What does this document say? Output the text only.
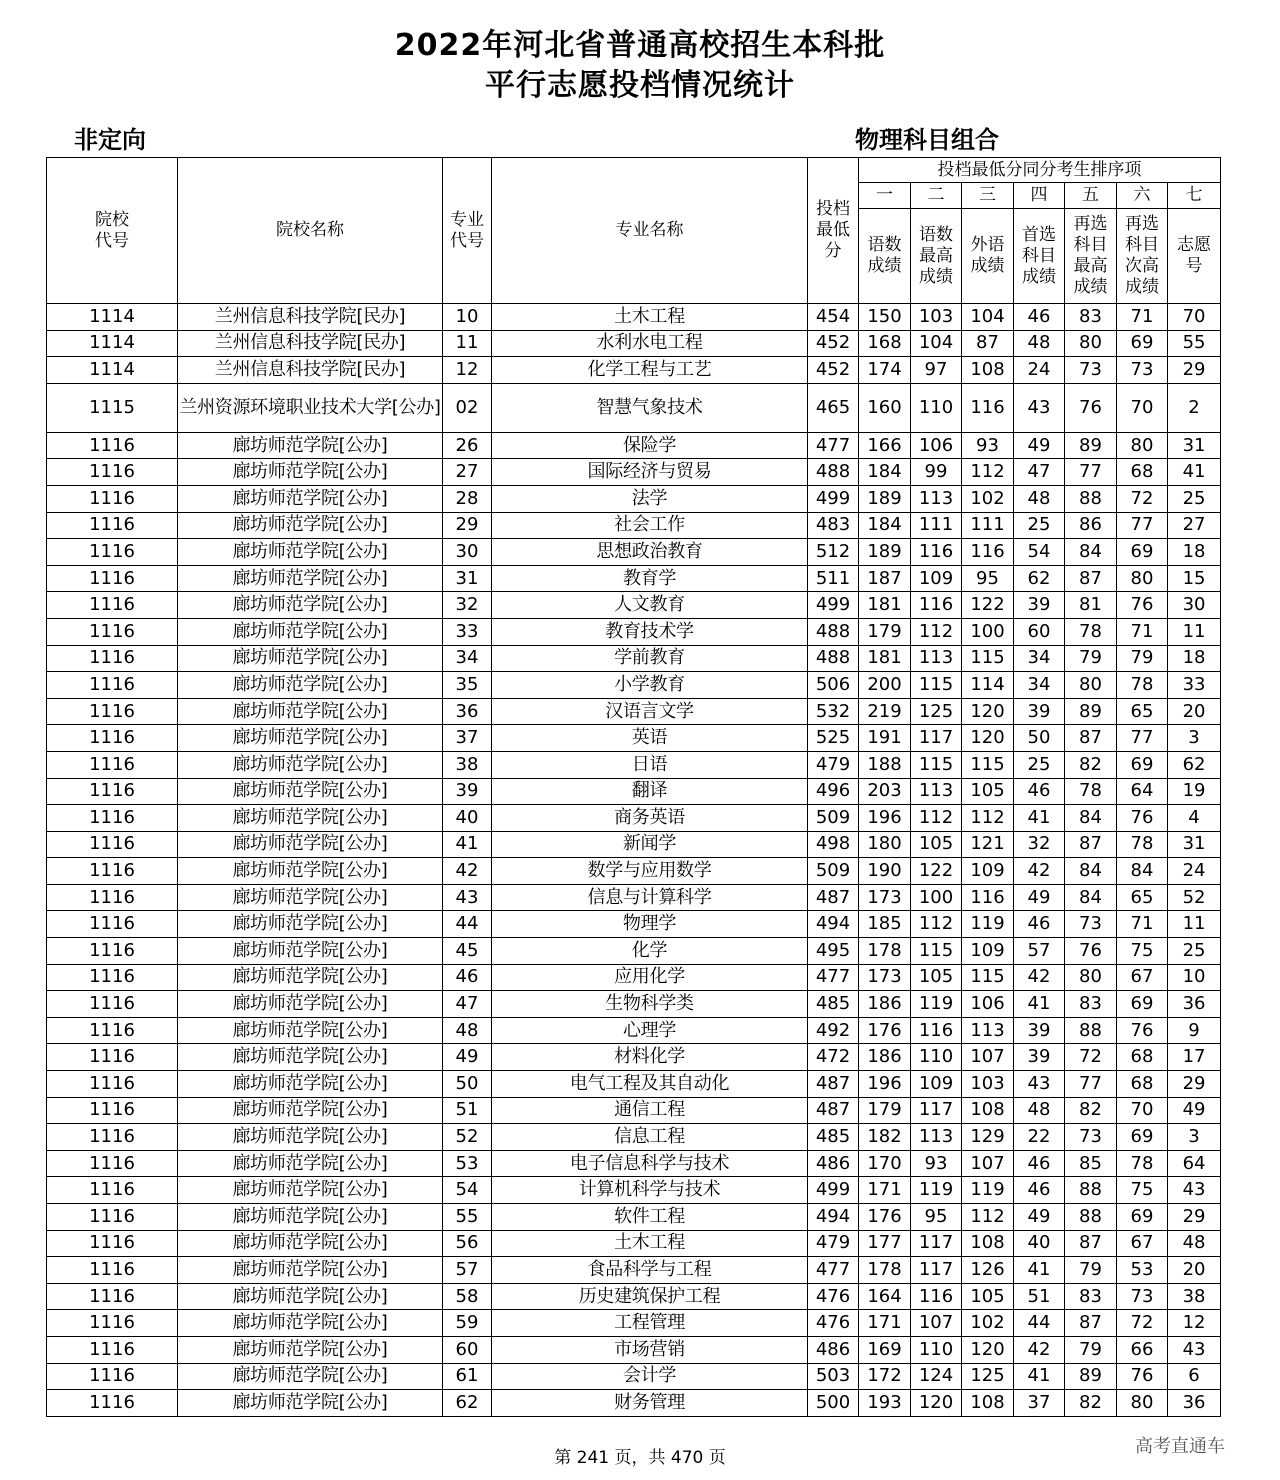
2022年河北省普通高校招生本科批
平行志愿投档情况统计
非定向	物理科目组合
院校代号	院校名称	专业代号	专业名称	投档最低分	投档最低分同分考生排序项						
					一	二	三	四	五	六	七

					语数成绩	语数最高成绩	外语成绩	首选科目成绩	再选科目最高成绩	再选科目次高成绩	志愿号

1114	兰州信息科技学院[民办]	10	土木工程	454	150	103	104	46	83	71	70
1114	兰州信息科技学院[民办]	11	水利水电工程	452	168	104	87	48	80	69	55
1114	兰州信息科技学院[民办]	12	化学工程与工艺	452	174	97	108	24	73	73	29
1115	兰州资源环境职业技术大学[公办]	02	智慧气象技术	465	160	110	116	43	76	70	2
1116	廊坊师范学院[公办]	26	保险学	477	166	106	93	49	89	80	31
1116	廊坊师范学院[公办]	27	国际经济与贸易	488	184	99	112	47	77	68	41
1116	廊坊师范学院[公办]	28	法学	499	189	113	102	48	88	72	25
1116	廊坊师范学院[公办]	29	社会工作	483	184	111	111	25	86	77	27
1116	廊坊师范学院[公办]	30	思想政治教育	512	189	116	116	54	84	69	18
1116	廊坊师范学院[公办]	31	教育学	511	187	109	95	62	87	80	15
1116	廊坊师范学院[公办]	32	人文教育	499	181	116	122	39	81	76	30
1116	廊坊师范学院[公办]	33	教育技术学	488	179	112	100	60	78	71	11
1116	廊坊师范学院[公办]	34	学前教育	488	181	113	115	34	79	79	18
1116	廊坊师范学院[公办]	35	小学教育	506	200	115	114	34	80	78	33
1116	廊坊师范学院[公办]	36	汉语言文学	532	219	125	120	39	89	65	20
1116	廊坊师范学院[公办]	37	英语	525	191	117	120	50	87	77	3
1116	廊坊师范学院[公办]	38	日语	479	188	115	115	25	82	69	62
1116	廊坊师范学院[公办]	39	翻译	496	203	113	105	46	78	64	19
1116	廊坊师范学院[公办]	40	商务英语	509	196	112	112	41	84	76	4
1116	廊坊师范学院[公办]	41	新闻学	498	180	105	121	32	87	78	31
1116	廊坊师范学院[公办]	42	数学与应用数学	509	190	122	109	42	84	84	24
1116	廊坊师范学院[公办]	43	信息与计算科学	487	173	100	116	49	84	65	52
1116	廊坊师范学院[公办]	44	物理学	494	185	112	119	46	73	71	11
1116	廊坊师范学院[公办]	45	化学	495	178	115	109	57	76	75	25
1116	廊坊师范学院[公办]	46	应用化学	477	173	105	115	42	80	67	10
1116	廊坊师范学院[公办]	47	生物科学类	485	186	119	106	41	83	69	36
1116	廊坊师范学院[公办]	48	心理学	492	176	116	113	39	88	76	9
1116	廊坊师范学院[公办]	49	材料化学	472	186	110	107	39	72	68	17
1116	廊坊师范学院[公办]	50	电气工程及其自动化	487	196	109	103	43	77	68	29
1116	廊坊师范学院[公办]	51	通信工程	487	179	117	108	48	82	70	49
1116	廊坊师范学院[公办]	52	信息工程	485	182	113	129	22	73	69	3
1116	廊坊师范学院[公办]	53	电子信息科学与技术	486	170	93	107	46	85	78	64
1116	廊坊师范学院[公办]	54	计算机科学与技术	499	171	119	119	46	88	75	43
1116	廊坊师范学院[公办]	55	软件工程	494	176	95	112	49	88	69	29
1116	廊坊师范学院[公办]	56	土木工程	479	177	117	108	40	87	67	48
1116	廊坊师范学院[公办]	57	食品科学与工程	477	178	117	126	41	79	53	20
1116	廊坊师范学院[公办]	58	历史建筑保护工程	476	164	116	105	51	83	73	38
1116	廊坊师范学院[公办]	59	工程管理	476	171	107	102	44	87	72	12
1116	廊坊师范学院[公办]	60	市场营销	486	169	110	120	42	79	66	43
1116	廊坊师范学院[公办]	61	会计学	503	172	124	125	41	89	76	6
1116	廊坊师范学院[公办]	62	财务管理	500	193	120	108	37	82	80	36
第 241 页，共 470 页
高考直通车
